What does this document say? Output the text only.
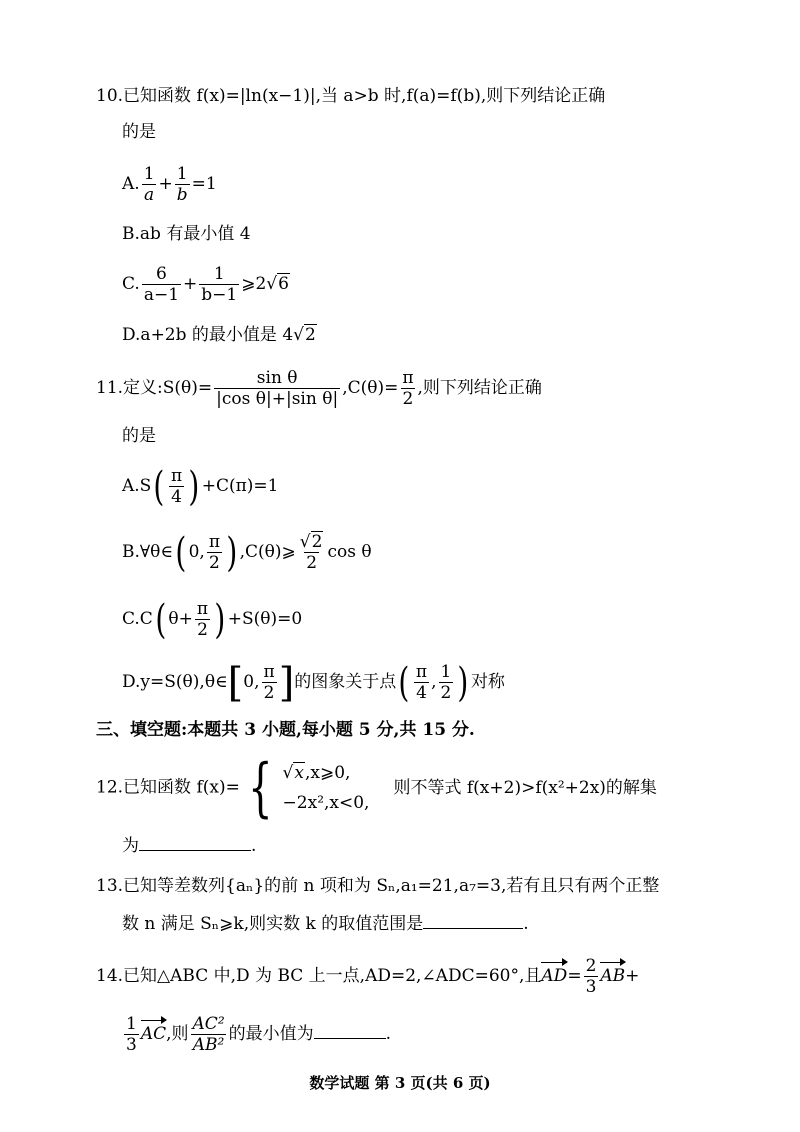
10.已知函数 f(x)=|ln(x−1)|,当 a>b 时,f(a)=f(b),则下列结论正确
的是
A. $\frac{1}{a} + \frac{1}{b} =1$
B.ab 有最小值 4
C. $\frac{6}{a-1} + \frac{1}{b-1}$ ⩾2√6
D.a+2b 的最小值是 4√2
11.定义:S(θ)= $\frac{\text{sin θ}}{\text{|cos θ|+|sin θ|}} ,C(\theta)= \frac{\pi}{2}$ ,则下列结论正确
的是
$A.S( \frac{\pi}{4}$ ) +C(π)=1
B.∀θ∈( 0, $\frac{\pi}{2}$ ) ,C(θ)⩾ $\frac{√2}{2}$ cos θ
C.C( $\theta+ \frac{\pi}{2}$ ) +S(θ)=0
D.y=S(θ),θ∈[0, $\frac{\pi}{2}$ ]的图象关于点( $\frac{\pi}{4}$ , $\frac{1}{2}$ ) 对称
三、填空题:本题共 3 小题,每小题 5 分,共 15 分.
12.已知函数 f(x)= { √x,x⩾0,
−2x²,x<0,
则不等式 f(x+2)>f(x²+2x)的解集
为	.
13.已知等差数列{aₙ}的前 n 项和为 Sₙ,a₁=21,a₇=3,若有且只有两个正整
数 n 满足 Sₙ⩾k,则实数 k 的取值范围是	.
14.已知△ABC 中,D 为 BC 上一点,AD=2,∠ADC=60°,且$AD= \frac{2}{3} AB+$
$\frac{1}{3}$ AC,则 $\frac{\text{AC²}}{\text{AB²}}$ 的最小值为	.
数学试题 第 3 页(共 6 页)
